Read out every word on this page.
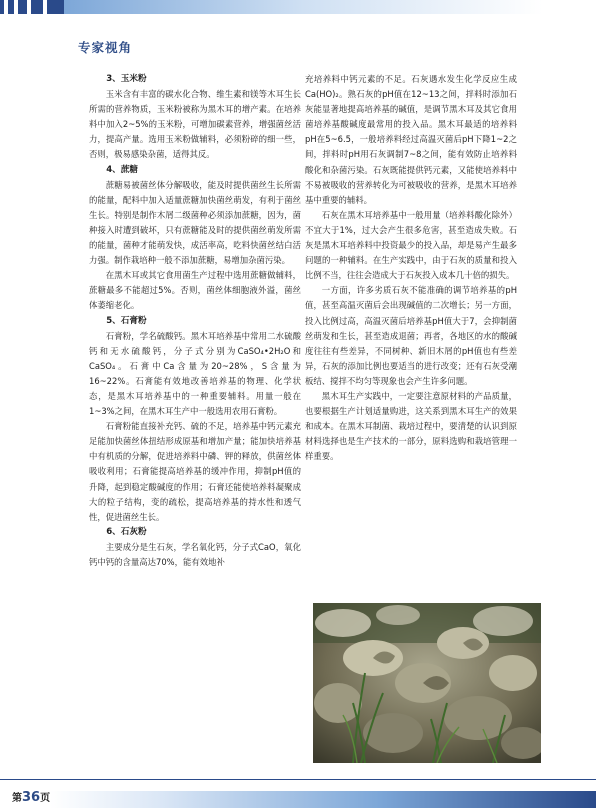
专家视角
3、玉米粉

玉米含有丰富的碳水化合物、维生素和镁等木耳生长所需的营养物质，玉米粉被称为黑木耳的增产素。在培养料中加入2~5%的玉米粉，可增加碳素营养，增强菌丝活力，提高产量。选用玉米粉做辅料，必须粉碎的细一些，否则，极易感染杂菌，适得其反。

4、蔗糖

蔗糖易被菌丝体分解吸收，能及时提供菌丝生长所需的能量，配料中加入适量蔗糖加快菌丝萌发，有利于菌丝生长。特别是制作木屑二级菌种必须添加蔗糖，因为，菌种接入时遭到破坏，只有蔗糖能及时的提供菌丝萌发所需的能量，菌种才能萌发快，成活率高，吃料快菌丝结白活力强。制作栽培种一般不添加蔗糖，易增加杂菌污染。

在黑木耳或其它食用菌生产过程中选用蔗糖做辅料，蔗糖最多不能超过5%。否则，菌丝体细胞液外溢，菌丝体萎缩老化。

5、石膏粉

石膏粉，学名硫酸钙。黑木耳培养基中常用二水硫酸钙和无水硫酸钙，分子式分别为CaSO₄•2H₂O和CaSO₄。石膏中Ca含量为20~28%，S含量为16~22%。石膏能有效地改善培养基的物理、化学状态，是黑木耳培养基中的一种重要辅料。用量一般在1~3%之间，在黑木耳生产中一般选用农用石膏粉。

石膏粉能直接补充钙、硫的不足，培养基中钙元素充足能加快菌丝体扭结形成原基和增加产量；能加快培养基中有机质的分解，促进培养料中磷、钾的释放，供菌丝体吸收利用；石膏能提高培养基的缓冲作用，抑制pH值的升降，起到稳定酸碱度的作用；石膏还能使培养料凝聚成大的粒子结构，变的疏松，提高培养基的持水性和透气性，促进菌丝生长。

6、石灰粉

主要成分是生石灰，学名氧化钙，分子式CaO，氧化钙中钙的含量高达70%，能有效地补

充培养料中钙元素的不足。石灰遇水发生化学反应生成Ca(HO)₂。熟石灰的pH值在12~13之间，拌料时添加石灰能显著地提高培养基的碱值，是调节黑木耳及其它食用菌培养基酸碱度最常用的投入品。黑木耳最适的培养料pH在5~6.5，一般培养料经过高温灭菌后pH下降1~2之间，拌料时pH用石灰调制7~8之间，能有效防止培养料酸化和杂菌污染。石灰既能提供钙元素，又能使培养料中不易被吸收的营养转化为可被吸收的营养，是黑木耳培养基中重要的辅料。

石灰在黑木耳培养基中一般用量（培养料酸化除外）不宜大于1%，过大会产生很多危害，甚至造成失败。石灰是黑木耳培养料中投资最少的投入品，却是易产生最多问题的一种辅料。在生产实践中，由于石灰的质量和投入比例不当，往往会造成大于石灰投入成本几十倍的损失。

一方面，许多劣质石灰不能准确的调节培养基的pH值，甚至高温灭菌后会出现碱值的二次增长；另一方面，投入比例过高，高温灭菌后培养基pH值大于7，会抑制菌丝萌发和生长，甚至造成退菌；再者，各地区的水的酸碱度往往有些差异，不同树种、新旧木屑的pH值也有些差异，石灰的添加比例也要适当的进行改变；还有石灰受潮板结、搅拌不均匀等现象也会产生许多问题。

黑木耳生产实践中，一定要注意原材料的产品质量，也要根据生产计划适量购进，这关系到黑木耳生产的效果和成本。在黑木耳制菌、栽培过程中，要清楚的认识到原材料选择也是生产技术的一部分，原料选购和栽培管理一样重要。

第36页
